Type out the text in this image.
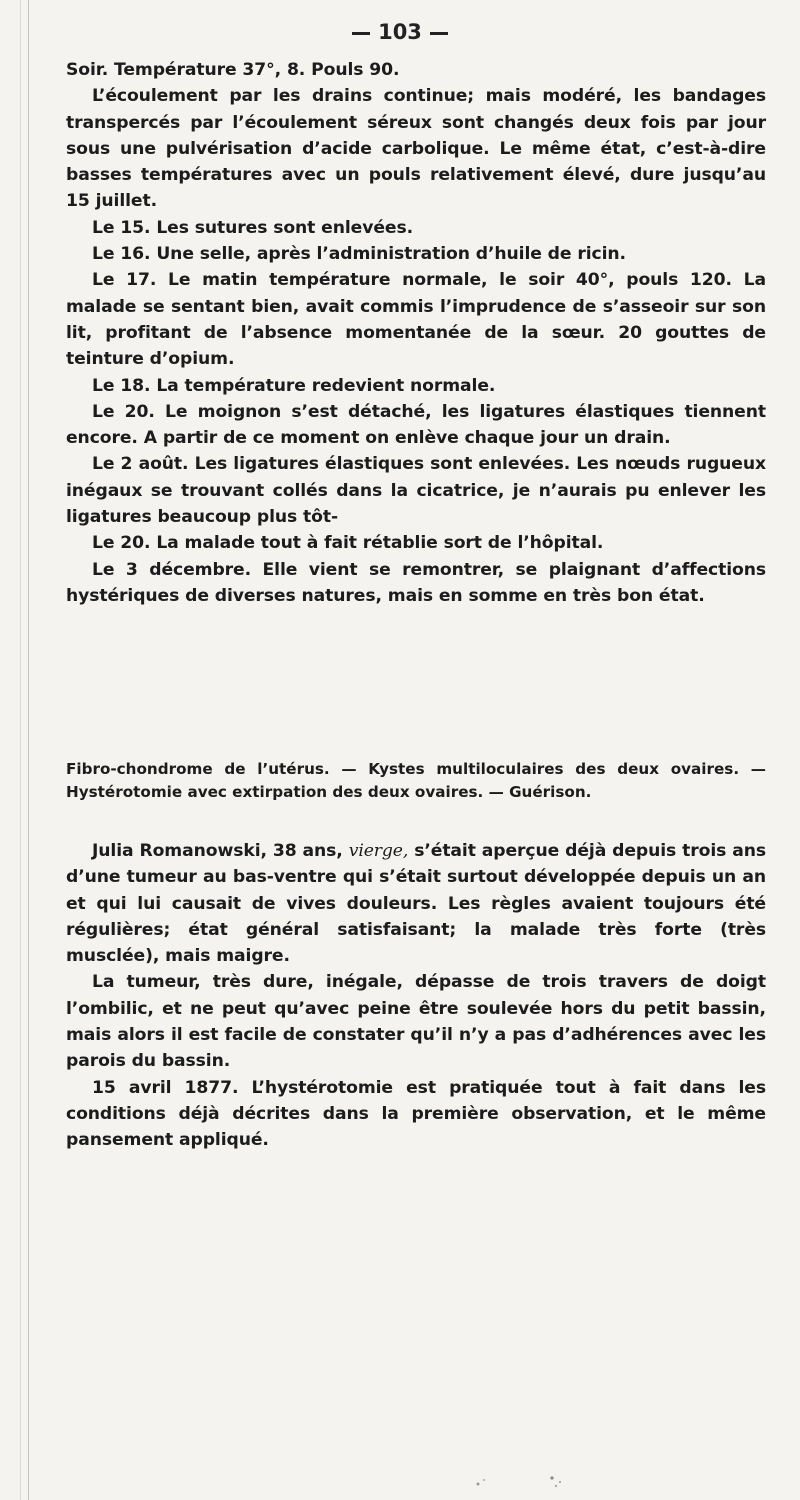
103

Soir. Température 37°, 8. Pouls 90.

L’écoulement par les drains continue; mais modéré, les bandages transpercés par l’écoulement séreux sont changés deux fois par jour sous une pulvérisation d’acide carbolique. Le même état, c’est-à-dire basses températures avec un pouls relativement élevé, dure jusqu’au 15 juillet.

Le 15. Les sutures sont enlevées.

Le 16. Une selle, après l’administration d’huile de ricin.

Le 17. Le matin température normale, le soir 40°, pouls 120. La malade se sentant bien, avait commis l’imprudence de s’asseoir sur son lit, profitant de l’absence momentanée de la sœur. 20 gouttes de teinture d’opium.

Le 18. La température redevient normale.

Le 20. Le moignon s’est détaché, les ligatures élastiques tiennent encore. A partir de ce moment on enlève chaque jour un drain.

Le 2 août. Les ligatures élastiques sont enlevées. Les nœuds rugueux inégaux se trouvant collés dans la cicatrice, je n’aurais pu enlever les ligatures beaucoup plus tôt-

Le 20. La malade tout à fait rétablie sort de l’hôpital.

Le 3 décembre. Elle vient se remontrer, se plaignant d’affections hystériques de diverses natures, mais en somme en très bon état.

Fibro-chondrome de l’utérus. — Kystes multiloculaires des deux ovaires. —Hystérotomie avec extirpation des deux ovaires. — Guérison.

Julia Romanowski, 38 ans, vierge, s’était aperçue déjà depuis trois ans d’une tumeur au bas-ventre qui s’était surtout développée depuis un an et qui lui causait de vives douleurs. Les règles avaient toujours été régulières; état général satisfaisant; la malade très forte (très musclée), mais maigre.

La tumeur, très dure, inégale, dépasse de trois travers de doigt l’ombilic, et ne peut qu’avec peine être soulevée hors du petit bassin, mais alors il est facile de constater qu’il n’y a pas d’adhérences avec les parois du bassin.

15 avril 1877. L’hystérotomie est pratiquée tout à fait dans les conditions déjà décrites dans la première observation, et le même pansement appliqué.
